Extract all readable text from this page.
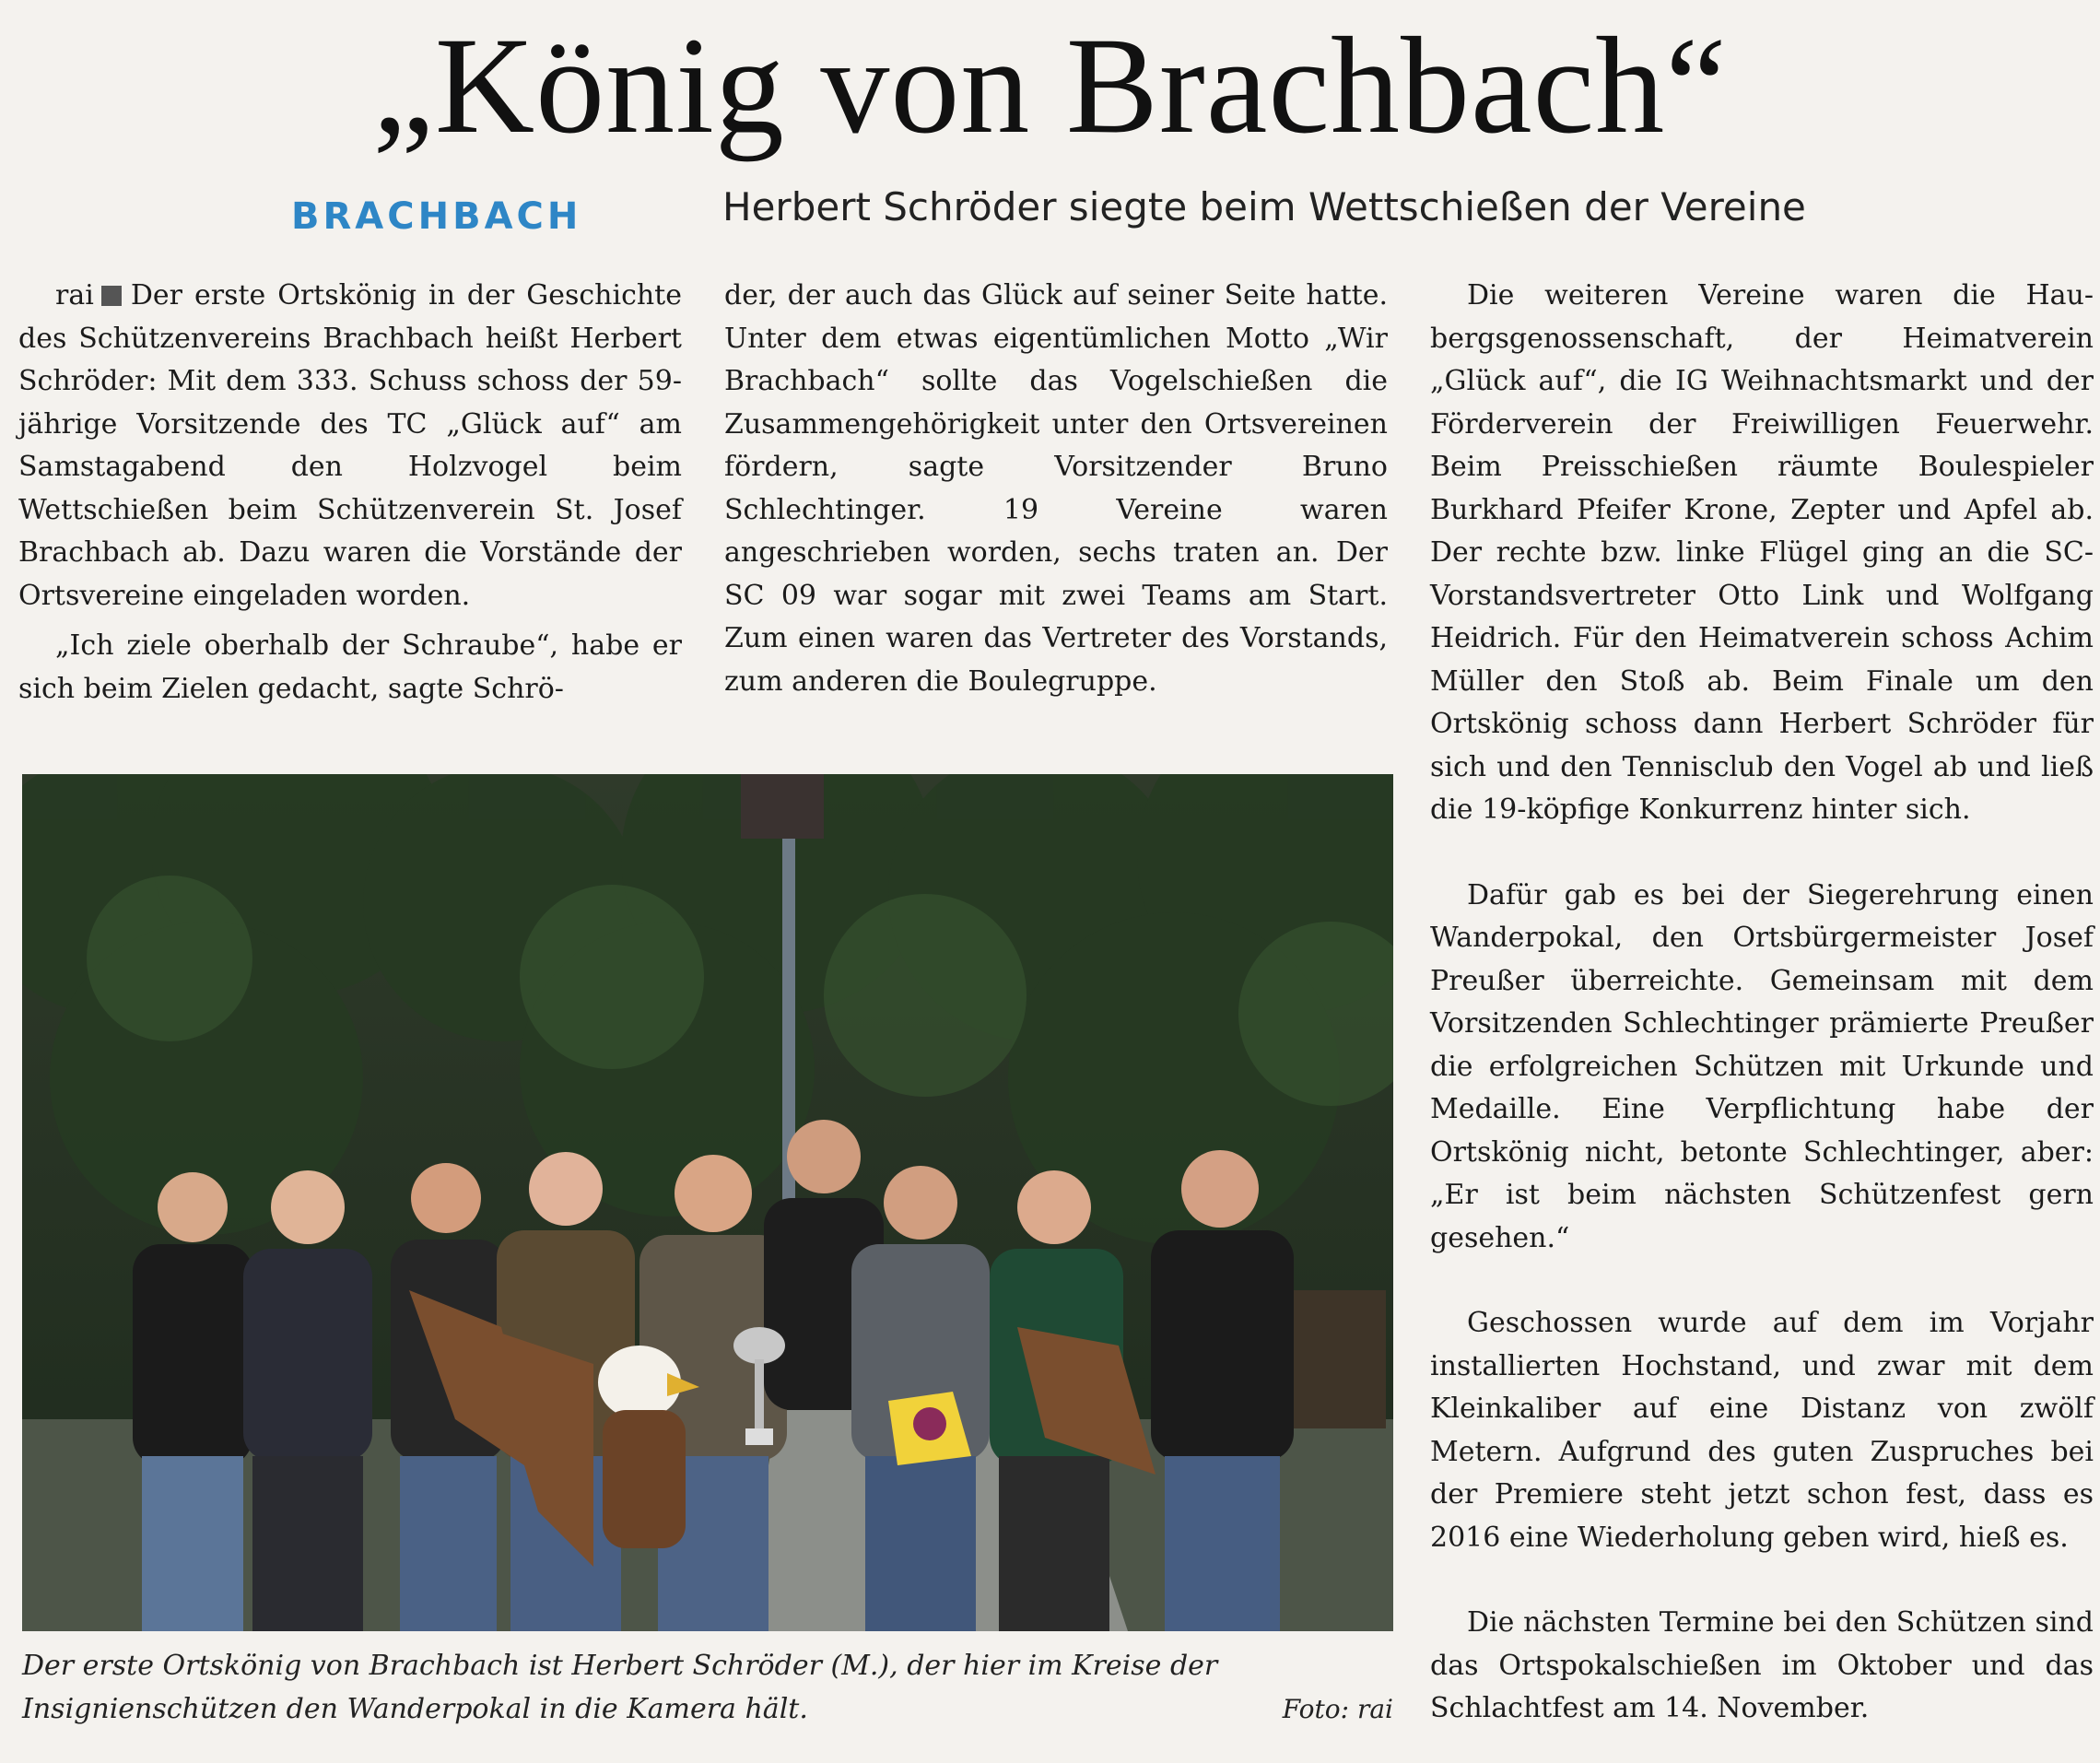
„König von Brachbach“
BRACHBACH	Herbert Schröder siegte beim Wettschießen der Vereine

rai Der erste Ortskönig in der Geschichte des Schützenvereins Brachbach heißt Herbert Schröder: Mit dem 333. Schuss schoss der 59-jährige Vorsitzende des TC „Glück auf“ am Samstagabend den Holzvogel beim Wettschießen beim Schützenverein St. Josef Brachbach ab. Dazu waren die Vorstände der Ortsvereine eingeladen worden.

„Ich ziele oberhalb der Schraube“, habe er sich beim Zielen gedacht, sagte Schrö-

der, der auch das Glück auf seiner Seite hatte. Unter dem etwas eigentümlichen Motto „Wir Brachbach“ sollte das Vogelschießen die Zusammengehörigkeit unter den Ortsvereinen fördern, sagte Vorsitzender Bruno Schlechtinger. 19 Vereine waren angeschrieben worden, sechs traten an. Der SC 09 war sogar mit zwei Teams am Start. Zum einen waren das Vertreter des Vorstands, zum anderen die Boulegruppe.

Die weiteren Vereine waren die Haubergsgenossenschaft, der Heimatverein „Glück auf“, die IG Weihnachtsmarkt und der Förderverein der Freiwilligen Feuerwehr. Beim Preisschießen räumte Boulespieler Burkhard Pfeifer Krone, Zepter und Apfel ab. Der rechte bzw. linke Flügel ging an die SC-Vorstandsvertreter Otto Link und Wolfgang Heidrich. Für den Heimatverein schoss Achim Müller den Stoß ab. Beim Finale um den Ortskönig schoss dann Herbert Schröder für sich und den Tennisclub den Vogel ab und ließ die 19-köpfige Konkurrenz hinter sich.

Dafür gab es bei der Siegerehrung einen Wanderpokal, den Ortsbürgermeister Josef Preußer überreichte. Gemeinsam mit dem Vorsitzenden Schlechtinger prämierte Preußer die erfolgreichen Schützen mit Urkunde und Medaille. Eine Verpflichtung habe der Ortskönig nicht, betonte Schlechtinger, aber: „Er ist beim nächsten Schützenfest gern gesehen.“

Geschossen wurde auf dem im Vorjahr installierten Hochstand, und zwar mit dem Kleinkaliber auf eine Distanz von zwölf Metern. Aufgrund des guten Zuspruches bei der Premiere steht jetzt schon fest, dass es 2016 eine Wiederholung geben wird, hieß es.

Die nächsten Termine bei den Schützen sind das Ortspokalschießen im Oktober und das Schlachtfest am 14. November.

Der erste Ortskönig von Brachbach ist Herbert Schröder (M.), der hier im Kreise der Insignienschützen den Wanderpokal in die Kamera hält.	Foto: rai
